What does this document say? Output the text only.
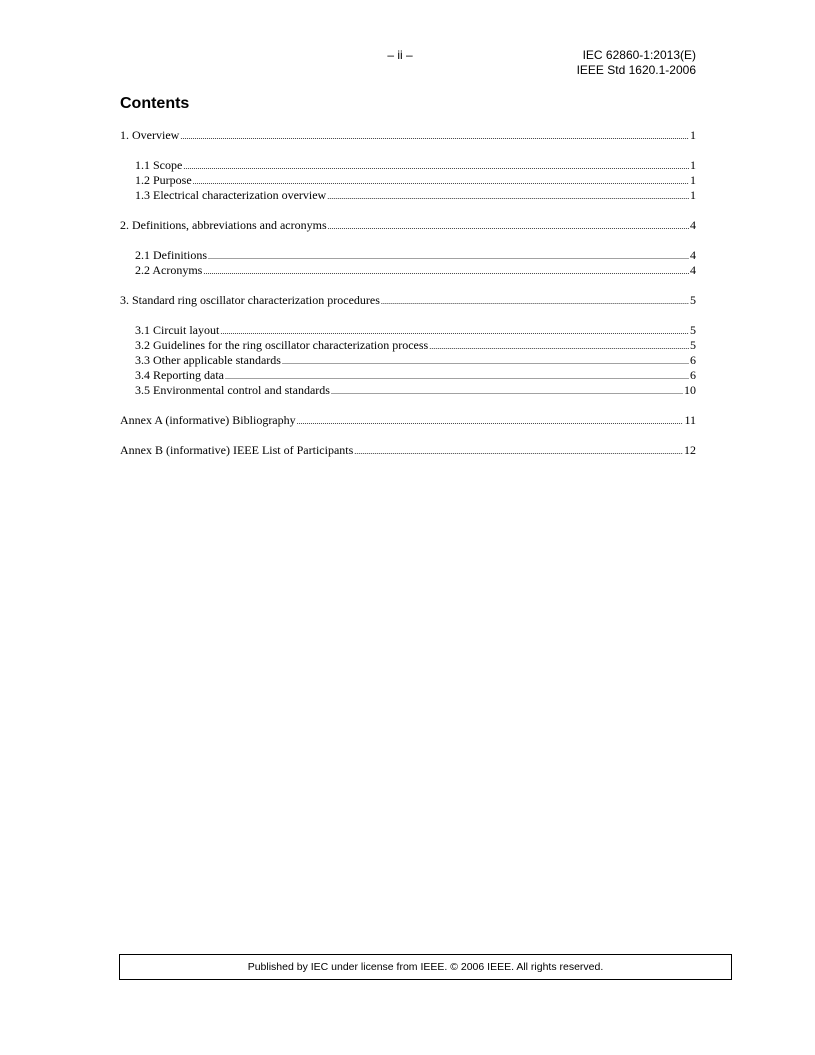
– ii –	IEC 62860-1:2013(E)
IEEE Std 1620.1-2006
Contents
1. Overview .....	1
1.1 Scope .....	1
1.2 Purpose .....	1
1.3 Electrical characterization overview .....	1
2. Definitions, abbreviations and acronyms .....	4
2.1 Definitions .....	4
2.2 Acronyms .....	4
3. Standard ring oscillator characterization procedures .....	5
3.1 Circuit layout .....	5
3.2 Guidelines for the ring oscillator characterization process .....	5
3.3 Other applicable standards .....	6
3.4 Reporting data .....	6
3.5 Environmental control and standards .....	10
Annex A (informative) Bibliography .....	11
Annex B (informative) IEEE List of Participants .....	12
Published by IEC under license from IEEE. © 2006 IEEE. All rights reserved.
